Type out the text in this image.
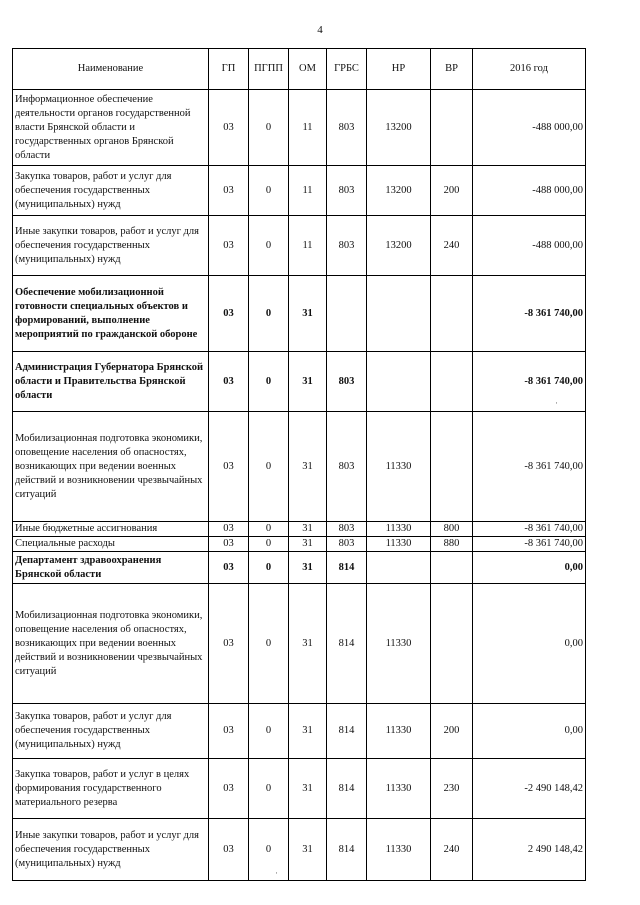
4
Наименование	ГП	ПГПП	ОМ	ГРБС	НР	ВР	2016 год
Информационное обеспечение деятельности органов государственной власти Брянской области и государственных органов Брянской области	03	0	11	803	13200		-488 000,00
Закупка товаров, работ и услуг для обеспечения государственных (муниципальных) нужд	03	0	11	803	13200	200	-488 000,00
Иные закупки товаров, работ и услуг для обеспечения государственных (муниципальных) нужд	03	0	11	803	13200	240	-488 000,00
Обеспечение мобилизационной готовности специальных объектов и формирований, выполнение мероприятий по гражданской обороне	03	0	31				-8 361 740,00
Администрация Губернатора Брянской области и Правительства Брянской области	03	0	31	803			-8 361 740,00
Мобилизационная подготовка экономики, оповещение населения об опасностях, возникающих при ведении военных действий и возникновении чрезвычайных ситуаций	03	0	31	803	11330		-8 361 740,00
Иные бюджетные ассигнования	03	0	31	803	11330	800	-8 361 740,00
Специальные расходы	03	0	31	803	11330	880	-8 361 740,00
Департамент здравоохранения Брянской области	03	0	31	814			0,00
Мобилизационная подготовка экономики, оповещение населения об опасностях, возникающих при ведении военных действий и возникновении чрезвычайных ситуаций	03	0	31	814	11330		0,00
Закупка товаров, работ и услуг для обеспечения государственных (муниципальных) нужд	03	0	31	814	11330	200	0,00
Закупка товаров, работ и услуг в целях формирования государственного материального резерва	03	0	31	814	11330	230	-2 490 148,42
Иные закупки товаров, работ и услуг для обеспечения государственных (муниципальных) нужд	03	0	31	814	11330	240	2 490 148,42
·
·
